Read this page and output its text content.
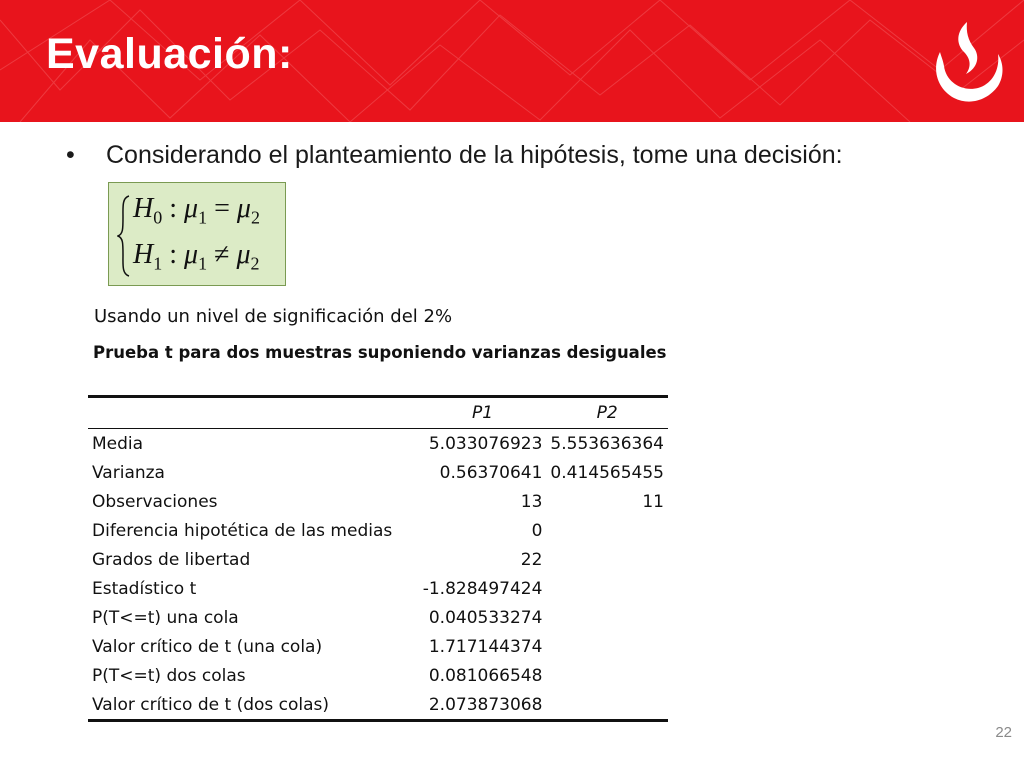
Evaluación:
• Considerando el planteamiento de la hipótesis, tome una decisión:
$H_0$ : $\mu_1 = \mu_2$
$H_1$ : $\mu_1 \ne \mu_2$
Usando un nivel de significación del 2%
Prueba t para dos muestras suponiendo varianzas desiguales
	P1	P2
Media	5.033076923	5.553636364
Varianza	0.56370641	0.414565455
Observaciones	13	11
Diferencia hipotética de las medias	0	
Grados de libertad	22	
Estadístico t	-1.828497424	
P(T<=t) una cola	0.040533274	
Valor crítico de t (una cola)	1.717144374	
P(T<=t) dos colas	0.081066548	
Valor crítico de t (dos colas)	2.073873068	
22
